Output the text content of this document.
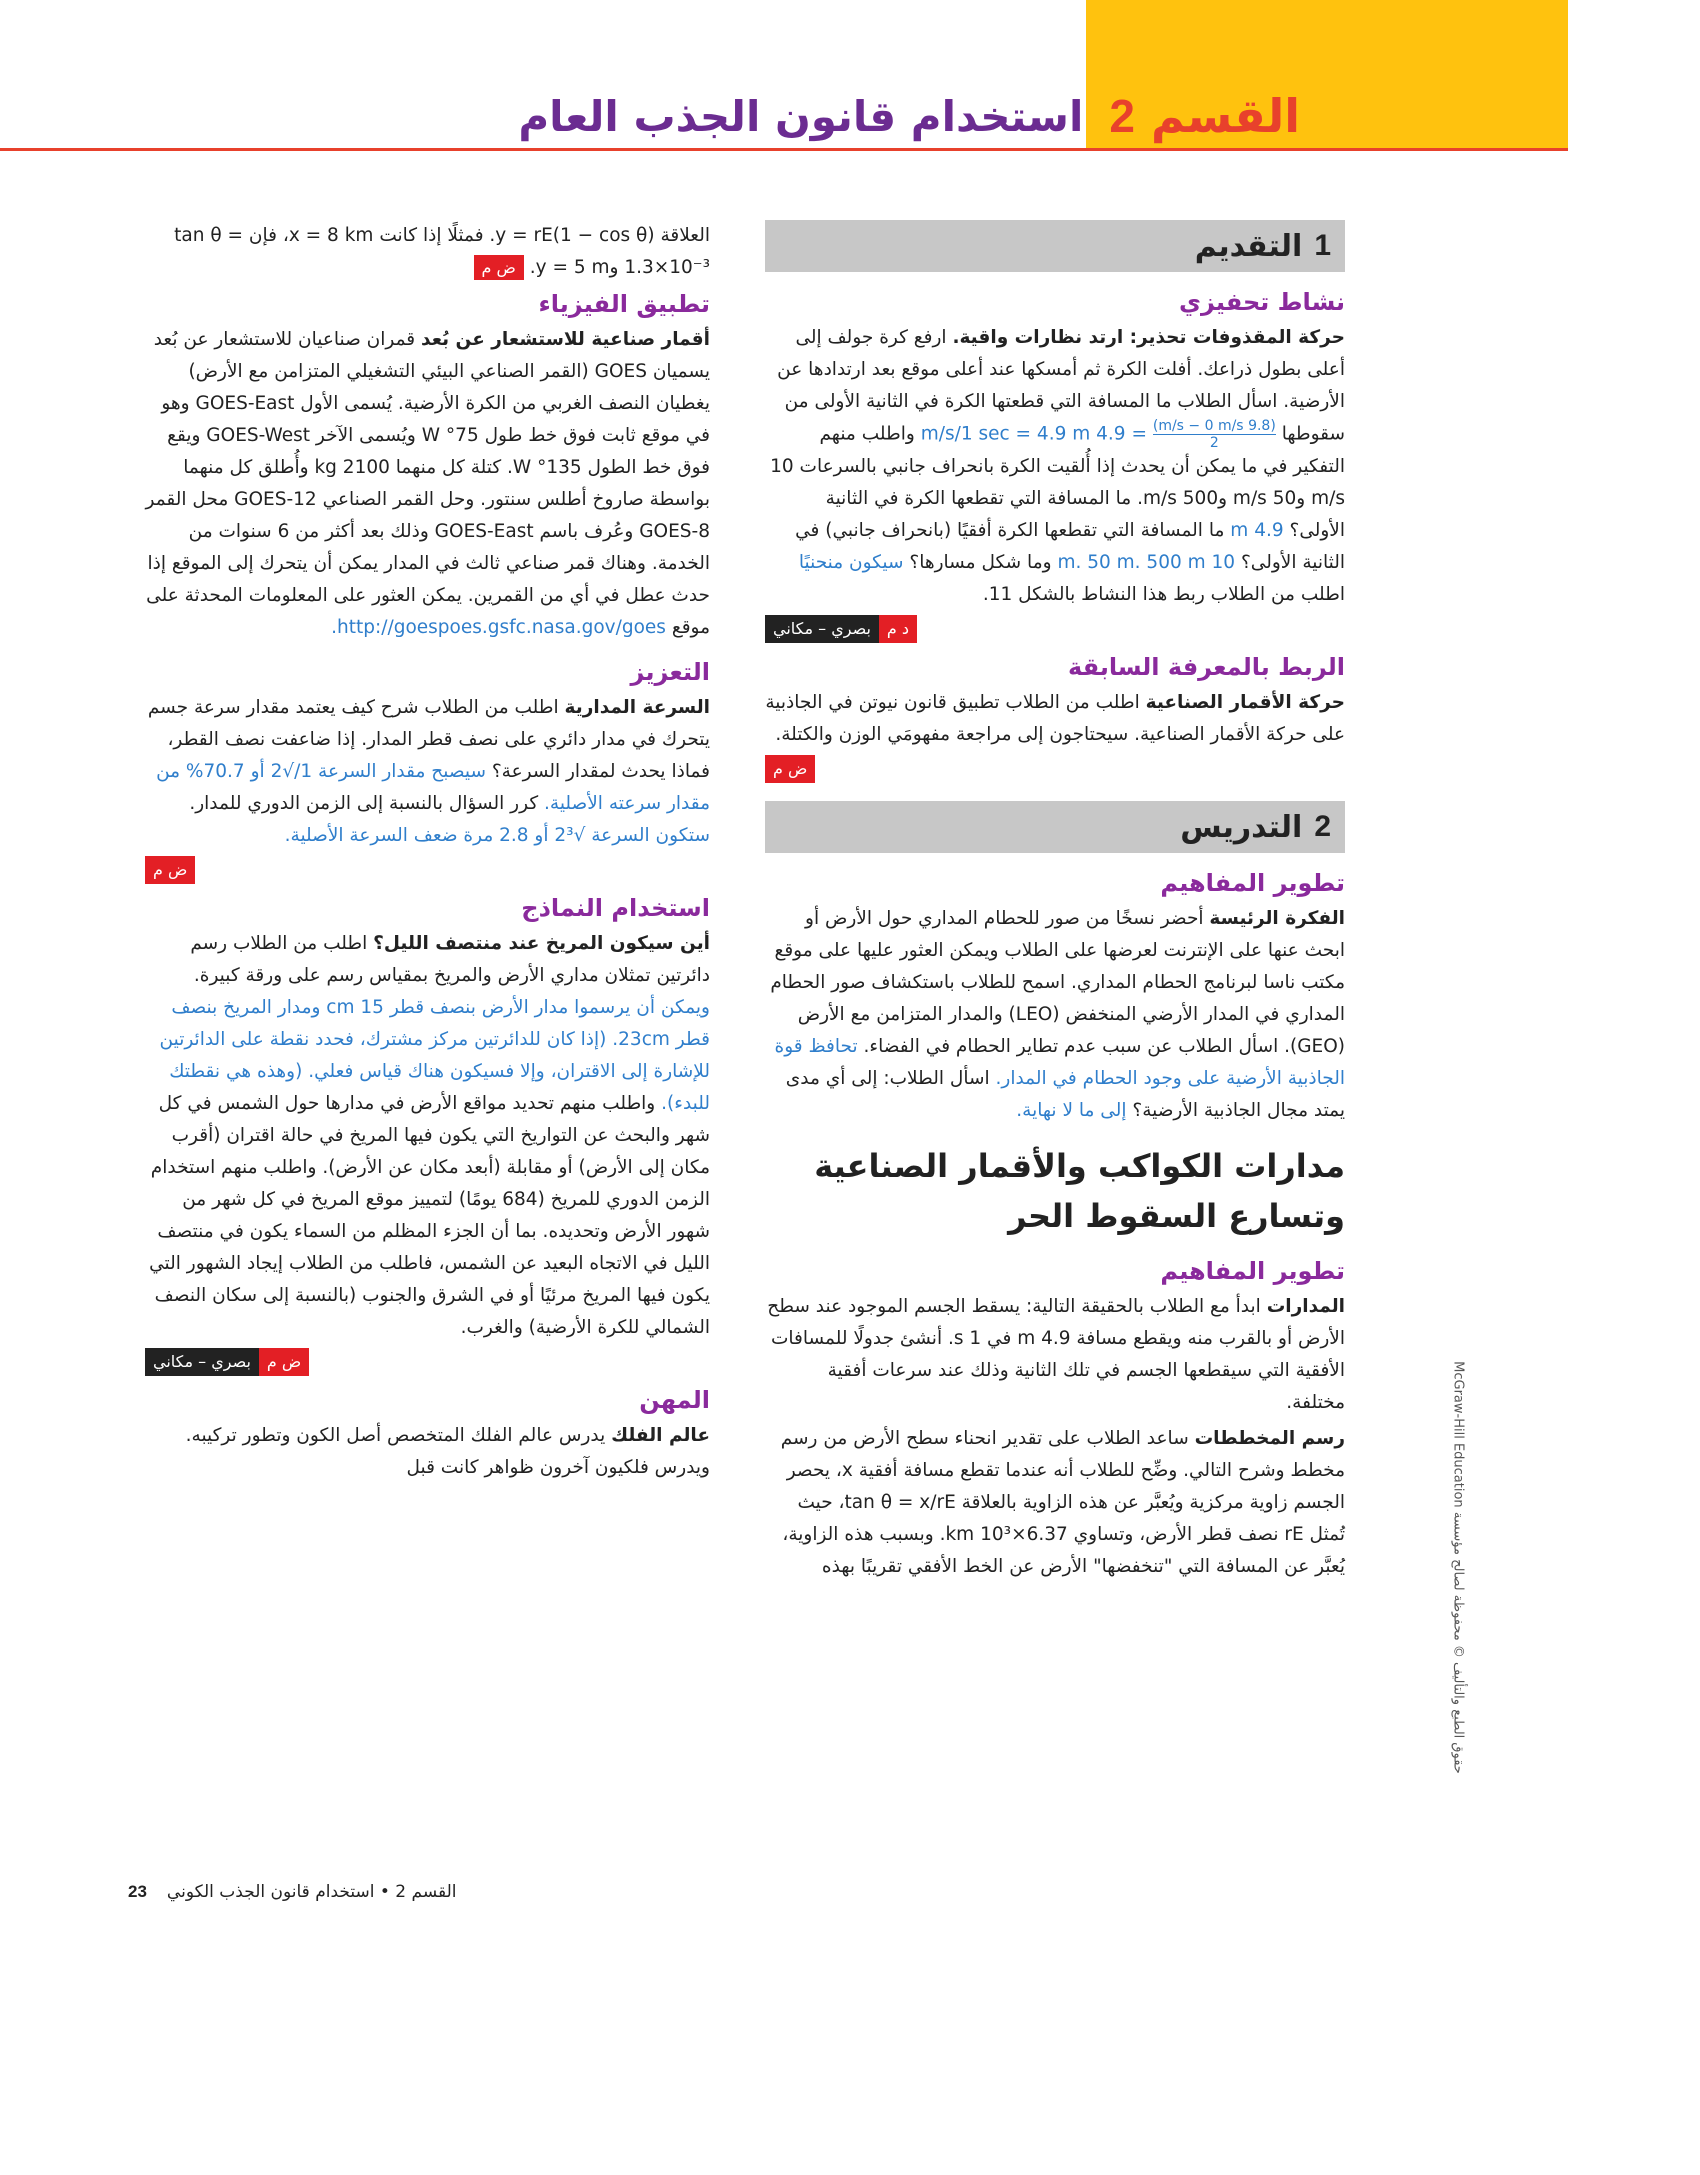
القسم
2
استخدام قانون الجذب العام
1
التقديم
نشاط تحفيزي

حركة المقذوفات تحذير: ارتد نظارات واقية. ارفع كرة جولف إلى أعلى بطول ذراعك. أفلت الكرة ثم أمسكها عند أعلى موقع بعد ارتدادها عن الأرضية. اسأل الطلاب ما المسافة التي قطعتها الكرة في الثانية الأولى من سقوطها
$\frac{(9.8 m/s - 0 m/s)}{2}$
= 4.9 m/s/1 sec = 4.9 m واطلب منهم التفكير في ما يمكن أن يحدث إذا أُلقيت الكرة بانحراف جانبي بالسرعات 10 m/s و50 m/s و500 m/s. ما المسافة التي تقطعها الكرة في الثانية الأولى؟ 4.9 m ما المسافة التي تقطعها الكرة أفقيًا (بانحراف جانبي) في الثانية الأولى؟ 10 m. 50 m. 500 m وما شكل مسارها؟ سيكون منحنيًا اطلب من الطلاب ربط هذا النشاط بالشكل 11.

بصري – مكاني	د م
الربط بالمعرفة السابقة

حركة الأقمار الصناعية اطلب من الطلاب تطبيق قانون نيوتن في الجاذبية على حركة الأقمار الصناعية. سيحتاجون إلى مراجعة مفهومَي الوزن والكتلة.

ض م
2
التدريس
تطوير المفاهيم

الفكرة الرئيسة أحضر نسخًا من صور للحطام المداري حول الأرض أو ابحث عنها على الإنترنت لعرضها على الطلاب ويمكن العثور عليها على موقع مكتب ناسا لبرنامج الحطام المداري. اسمح للطلاب باستكشاف صور الحطام المداري في المدار الأرضي المنخفض (LEO) والمدار المتزامن مع الأرض (GEO). اسأل الطلاب عن سبب عدم تطاير الحطام في الفضاء. تحافظ قوة الجاذبية الأرضية على وجود الحطام في المدار. اسأل الطلاب: إلى أي مدى يمتد مجال الجاذبية الأرضية؟ إلى ما لا نهاية.

مدارات الكواكب والأقمار الصناعية وتسارع السقوط الحر
تطوير المفاهيم

المدارات ابدأ مع الطلاب بالحقيقة التالية: يسقط الجسم الموجود عند سطح الأرض أو بالقرب منه ويقطع مسافة 4.9 m في 1 s. أنشئ جدولًا للمسافات الأفقية التي سيقطعها الجسم في تلك الثانية وذلك عند سرعات أفقية مختلفة.

رسم المخططات ساعد الطلاب على تقدير انحناء سطح الأرض من رسم مخطط وشرح التالي. وضِّح للطلاب أنه عندما تقطع مسافة أفقية x، يحصر الجسم زاوية مركزية ويُعبَّر عن هذه الزاوية بالعلاقة tan θ = x/rE، حيث تُمثل rE نصف قطر الأرض، وتساوي 6.37×10³ km. وبسبب هذه الزاوية، يُعبَّر عن المسافة التي "تنخفضها" الأرض عن الخط الأفقي تقريبًا بهذه

العلاقة y = rE(1 − cos θ). فمثلًا إذا كانت x = 8 km، فإن tan θ = 1.3×10⁻³ وy = 5 m. ض م

تطبيق الفيزياء

أقمار صناعية للاستشعار عن بُعد قمران صناعيان للاستشعار عن بُعد يسميان GOES (القمر الصناعي البيئي التشغيلي المتزامن مع الأرض) يغطيان النصف الغربي من الكرة الأرضية. يُسمى الأول GOES-East وهو في موقع ثابت فوق خط طول 75° W ويُسمى الآخر GOES-West ويقع فوق خط الطول 135° W. كتلة كل منهما 2100 kg وأُطلق كل منهما بواسطة صاروخ أطلس سنتور. وحل القمر الصناعي GOES-12 محل القمر GOES-8 وعُرف باسم GOES-East وذلك بعد أكثر من 6 سنوات من الخدمة. وهناك قمر صناعي ثالث في المدار يمكن أن يتحرك إلى الموقع إذا حدث عطل في أي من القمرين. يمكن العثور على المعلومات المحدثة على موقع http://goespoes.gsfc.nasa.gov/goes.

التعزيز

السرعة المدارية اطلب من الطلاب شرح كيف يعتمد مقدار سرعة جسم يتحرك في مدار دائري على نصف قطر المدار. إذا ضاعفت نصف القطر، فماذا يحدث لمقدار السرعة؟ سيصبح مقدار السرعة 1/√2 أو 70.7% من مقدار سرعته الأصلية. كرر السؤال بالنسبة إلى الزمن الدوري للمدار. ستكون السرعة √2³ أو 2.8 مرة ضعف السرعة الأصلية.

ض م
استخدام النماذج

أين سيكون المريخ عند منتصف الليل؟ اطلب من الطلاب رسم دائرتين تمثلان مداري الأرض والمريخ بمقياس رسم على ورقة كبيرة. ويمكن أن يرسموا مدار الأرض بنصف قطر 15 cm ومدار المريخ بنصف قطر 23cm. (إذا كان للدائرتين مركز مشترك، فحدد نقطة على الدائرتين للإشارة إلى الاقتران، وإلا فسيكون هناك قياس فعلي. (وهذه هي نقطتك للبدء). واطلب منهم تحديد مواقع الأرض في مدارها حول الشمس في كل شهر والبحث عن التواريخ التي يكون فيها المريخ في حالة اقتران (أقرب مكان إلى الأرض) أو مقابلة (أبعد مكان عن الأرض). واطلب منهم استخدام الزمن الدوري للمريخ (684 يومًا) لتمييز موقع المريخ في كل شهر من شهور الأرض وتحديده. بما أن الجزء المظلم من السماء يكون في منتصف الليل في الاتجاه البعيد عن الشمس، فاطلب من الطلاب إيجاد الشهور التي يكون فيها المريخ مرئيًا أو في الشرق والجنوب (بالنسبة إلى سكان النصف الشمالي للكرة الأرضية) والغرب.

بصري – مكاني	ض م
المهن

عالم الفلك يدرس عالم الفلك المتخصص أصل الكون وتطور تركيبه. ويدرس فلكيون آخرون ظواهر كانت قبل

القسم 2 • استخدام قانون الجذب الكوني
23
حقوق الطبع والتأليف © محفوظة لصالح مؤسسة McGraw-Hill Education
